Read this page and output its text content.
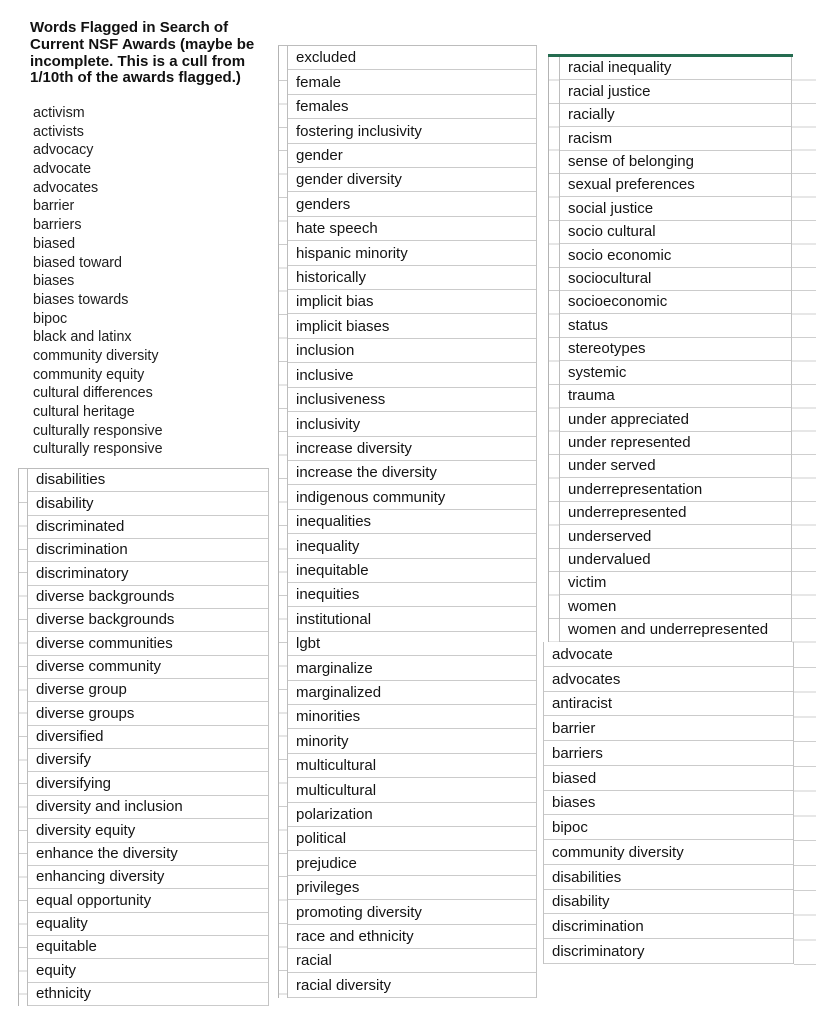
Words Flagged in Search of Current NSF Awards (maybe be incomplete. This is a cull from 1/10th of the awards flagged.)
activism
activists
advocacy
advocate
advocates
barrier
barriers
biased
biased toward
biases
biases towards
bipoc
black and latinx
community diversity
community equity
cultural differences
cultural heritage
culturally responsive
culturally responsive
disabilities
disability
discriminated
discrimination
discriminatory
diverse backgrounds
diverse backgrounds
diverse communities
diverse community
diverse group
diverse groups
diversified
diversify
diversifying
diversity and inclusion
diversity equity
enhance the diversity
enhancing diversity
equal opportunity
equality
equitable
equity
ethnicity
excluded
female
females
fostering inclusivity
gender
gender diversity
genders
hate speech
hispanic minority
historically
implicit bias
implicit biases
inclusion
inclusive
inclusiveness
inclusivity
increase diversity
increase the diversity
indigenous community
inequalities
inequality
inequitable
inequities
institutional
lgbt
marginalize
marginalized
minorities
minority
multicultural
multicultural
polarization
political
prejudice
privileges
promoting diversity
race and ethnicity
racial
racial diversity
racial inequality
racial justice
racially
racism
sense of belonging
sexual preferences
social justice
socio cultural
socio economic
sociocultural
socioeconomic
status
stereotypes
systemic
trauma
under appreciated
under represented
under served
underrepresentation
underrepresented
underserved
undervalued
victim
women
women and underrepresented
advocate
advocates
antiracist
barrier
barriers
biased
biases
bipoc
community diversity
disabilities
disability
discrimination
discriminatory
